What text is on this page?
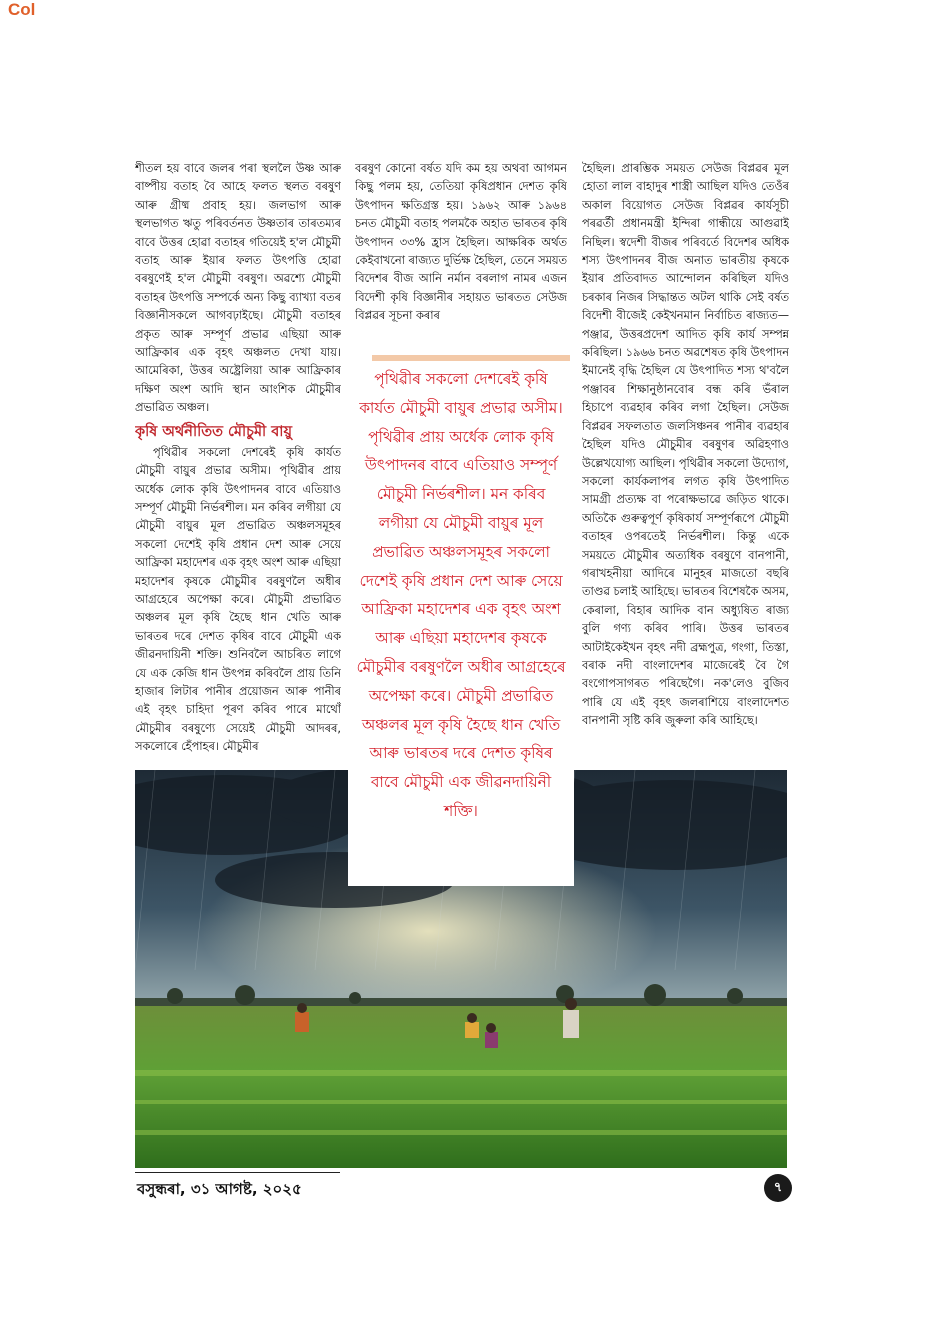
Col

শীতল হয় বাবে জলৰ পৰা স্থললৈ উষ্ণ আৰু বাষ্পীয় বতাহ বৈ আহে ফলত স্থলত বৰষুণ আৰু গ্ৰীষ্ম প্ৰবাহ হয়। জলভাগ আৰু স্থলভাগত ঋতু পৰিবৰ্তনত উষ্ণতাৰ তাৰতম্যৰ বাবে উত্তৰ হোৱা বতাহৰ গতিয়েই হ'ল মৌচুমী বতাহ আৰু ইয়াৰ ফলত উৎপত্তি হোৱা বৰষুণেই হ'ল মৌচুমী বৰষুণ। অৱশ্যে মৌচুমী বতাহৰ উৎপত্তি সম্পৰ্কে অন্য কিছু ব্যাখ্যা বতৰ বিজ্ঞানীসকলে আগবঢ়াইছে। মৌচুমী বতাহৰ প্ৰকৃত আৰু সম্পূৰ্ণ প্ৰভাৱ এছিয়া আৰু আফ্ৰিকাৰ এক বৃহৎ অঞ্চলত দেখা যায়। আমেৰিকা, উত্তৰ অষ্ট্ৰেলিয়া আৰু আফ্ৰিকাৰ দক্ষিণ অংশ আদি স্থান আংশিক মৌচুমীৰ প্ৰভাৱিত অঞ্চল।

কৃষি অৰ্থনীতিত মৌচুমী বায়ু

পৃথিৱীৰ সকলো দেশৰেই কৃষি কাৰ্যত মৌচুমী বায়ুৰ প্ৰভাৱ অসীম। পৃথিৱীৰ প্ৰায় অৰ্ধেক লোক কৃষি উৎপাদনৰ বাবে এতিয়াও সম্পূৰ্ণ মৌচুমী নিৰ্ভৰশীল। মন কৰিব লগীয়া যে মৌচুমী বায়ুৰ মূল প্ৰভাৱিত অঞ্চলসমূহৰ সকলো দেশেই কৃষি প্ৰধান দেশ আৰু সেয়ে আফ্ৰিকা মহাদেশৰ এক বৃহৎ অংশ আৰু এছিয়া মহাদেশৰ কৃষকে মৌচুমীৰ বৰষুণলৈ অধীৰ আগ্ৰহেৰে অপেক্ষা কৰে। মৌচুমী প্ৰভাৱিত অঞ্চলৰ মূল কৃষি হৈছে ধান খেতি আৰু ভাৰতৰ দৰে দেশত কৃষিৰ বাবে মৌচুমী এক জীৱনদায়িনী শক্তি। শুনিবলৈ আচৰিত লাগে যে এক কেজি ধান উৎপন্ন কৰিবলৈ প্ৰায় তিনি হাজাৰ লিটাৰ পানীৰ প্ৰয়োজন আৰু পানীৰ এই বৃহৎ চাহিদা পূৰণ কৰিব পাৰে মাথোঁ মৌচুমীৰ বৰষুণ্যে সেয়েই মৌচুমী আদৰৰ, সকলোৰে হেঁপাহৰ। মৌচুমীৰ

বৰষুণ কোনো বৰ্ষত যদি কম হয় অথবা আগমন কিছু পলম হয়, তেতিয়া কৃষিপ্ৰধান দেশত কৃষি উৎপাদন ক্ষতিগ্ৰস্ত হয়। ১৯৬২ আৰু ১৯৬৪ চনত মৌচুমী বতাহ পলমকৈ অহাত ভাৰতৰ কৃষি উৎপাদন ৩৩% হ্ৰাস হৈছিল। আক্ষৰিক অৰ্থত কেইবাখনো ৰাজ্যত দুৰ্ভিক্ষ হৈছিল, তেনে সময়ত বিদেশৰ বীজ আনি নৰ্মান বৰলাগ নামৰ এজন বিদেশী কৃষি বিজ্ঞানীৰ সহায়ত ভাৰতত সেউজ বিপ্লৱৰ সূচনা কৰাৰ

হৈছিল। প্ৰাৰম্ভিক সময়ত সেউজ বিপ্লৱৰ মূল হোতা লাল বাহাদুৰ শাস্ত্ৰী আছিল যদিও তেওঁৰ অকাল বিয়োগত সেউজ বিপ্লৱৰ কাৰ্যসূচী পৰৱৰ্তী প্ৰধানমন্ত্ৰী ইন্দিৰা গান্ধীয়ে আগুৱাই নিছিল। স্বদেশী বীজৰ পৰিবৰ্তে বিদেশৰ অধিক শস্য উৎপাদনৰ বীজ অনাত ভাৰতীয় কৃষকে ইয়াৰ প্ৰতিবাদত আন্দোলন কৰিছিল যদিও চৰকাৰ নিজৰ সিদ্ধান্তত অটল থাকি সেই বৰ্ষত বিদেশী বীজেই কেইখনমান নিৰ্বাচিত ৰাজ্যত— পঞ্জাৱ, উত্তৰপ্ৰদেশ আদিত কৃষি কাৰ্য সম্পন্ন কৰিছিল। ১৯৬৬ চনত অৱশেষত কৃষি উৎপাদন ইমানেই বৃদ্ধি হৈছিল যে উৎপাদিত শস্য থ'বলৈ পঞ্জাবৰ শিক্ষানুষ্ঠানবোৰ বন্ধ কৰি ভঁৰাল হিচাপে ব্যৱহাৰ কৰিব লগা হৈছিল। সেউজ বিপ্লৱৰ সফলতাত জলসিঞ্চনৰ পানীৰ ব্যৱহাৰ হৈছিল যদিও মৌচুমীৰ বৰষুণৰ অৱিহণাও উল্লেখযোগ্য আছিল। পৃথিৱীৰ সকলো উদ্যোগ, সকলো কাৰ্যকলাপৰ লগত কৃষি উৎপাদিত সামগ্ৰী প্ৰত্যক্ষ বা পৰোক্ষভাৱে জড়িত থাকে। অতিকৈ গুৰুত্বপূৰ্ণ কৃষিকাৰ্য সম্পূৰ্ণৰূপে মৌচুমী বতাহৰ ওপৰতেই নিৰ্ভৰশীল। কিন্তু একে সময়তে মৌচুমীৰ অত্যধিক বৰষুণে বানপানী, গৰাখহনীয়া আদিৰে মানুহৰ মাজতো বছৰি তাণ্ডৱ চলাই আহিছে। ভাৰতৰ বিশেষকৈ অসম, কেৰালা, বিহাৰ আদিক বান অধ্যুষিত ৰাজ্য বুলি গণ্য কৰিব পাৰি। উত্তৰ ভাৰতৰ আটাইকেইখন বৃহৎ নদী ব্ৰহ্মপুত্ৰ, গংগা, তিস্তা, বৰাক নদী বাংলাদেশৰ মাজেৰেই বৈ গৈ বংগোপসাগৰত পৰিছেগৈ। নক'লেও বুজিব পাৰি যে এই বৃহৎ জলৰাশিয়ে বাংলাদেশত বানপানী সৃষ্টি কৰি জুৰুলা কৰি আহিছে।

পৃথিৱীৰ সকলো দেশৰেই কৃষি কাৰ্যত মৌচুমী বায়ুৰ প্ৰভাৱ অসীম। পৃথিৱীৰ প্ৰায় অৰ্ধেক লোক কৃষি উৎপাদনৰ বাবে এতিয়াও সম্পূৰ্ণ মৌচুমী নিৰ্ভৰশীল। মন কৰিব লগীয়া যে মৌচুমী বায়ুৰ মূল প্ৰভাৱিত অঞ্চলসমূহৰ সকলো দেশেই কৃষি প্ৰধান দেশ আৰু সেয়ে আফ্ৰিকা মহাদেশৰ এক বৃহৎ অংশ আৰু এছিয়া মহাদেশৰ কৃষকে মৌচুমীৰ বৰষুণলৈ অধীৰ আগ্ৰহেৰে অপেক্ষা কৰে। মৌচুমী প্ৰভাৱিত অঞ্চলৰ মূল কৃষি হৈছে ধান খেতি আৰু ভাৰতৰ দৰে দেশত কৃষিৰ বাবে মৌচুমী এক জীৱনদায়িনী শক্তি।
বসুন্ধৰা, ৩১ আগষ্ট, ২০২৫	৭
